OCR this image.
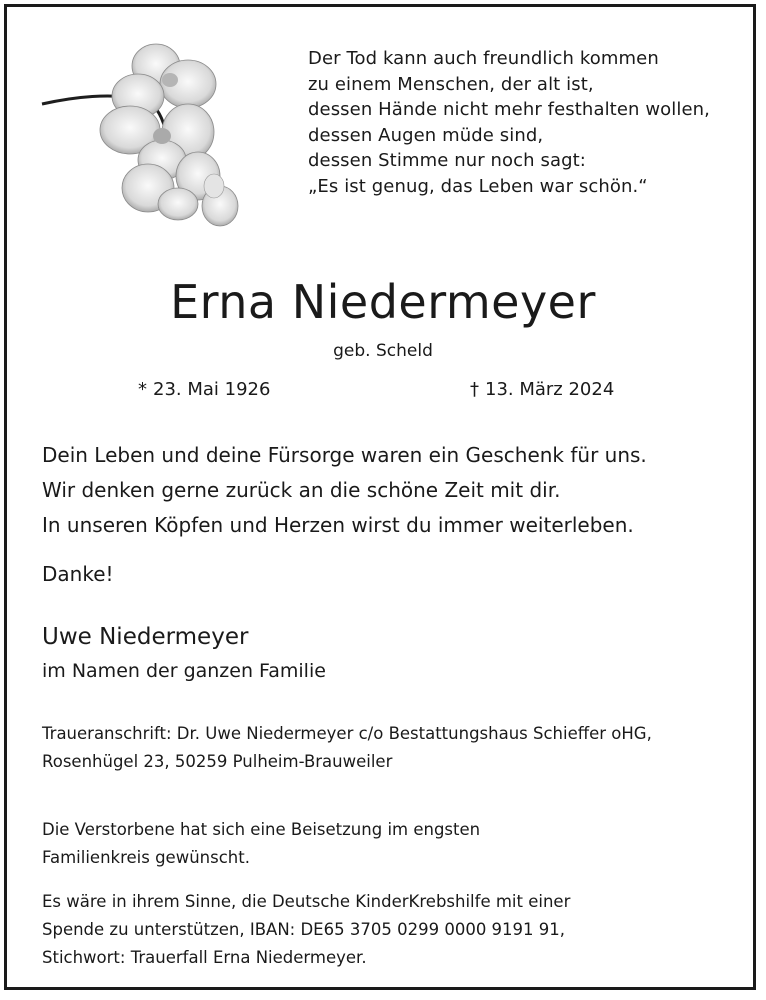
Der Tod kann auch freundlich kommen
zu einem Menschen, der alt ist,
dessen Hände nicht mehr festhalten wollen,
dessen Augen müde sind,
dessen Stimme nur noch sagt:
„Es ist genug, das Leben war schön.“
Erna Niedermeyer
geb. Scheld
* 23. Mai 1926	† 13. März 2024
Dein Leben und deine Fürsorge waren ein Geschenk für uns.
Wir denken gerne zurück an die schöne Zeit mit dir.
In unseren Köpfen und Herzen wirst du immer weiterleben.
Danke!
Uwe Niedermeyer
im Namen der ganzen Familie
Traueranschrift: Dr. Uwe Niedermeyer c/o Bestattungshaus Schieffer oHG,
Rosenhügel 23, 50259 Pulheim-Brauweiler
Die Verstorbene hat sich eine Beisetzung im engsten
Familienkreis gewünscht.
Es wäre in ihrem Sinne, die Deutsche KinderKrebshilfe mit einer
Spende zu unterstützen, IBAN: DE65 3705 0299 0000 9191 91,
Stichwort: Trauerfall Erna Niedermeyer.
